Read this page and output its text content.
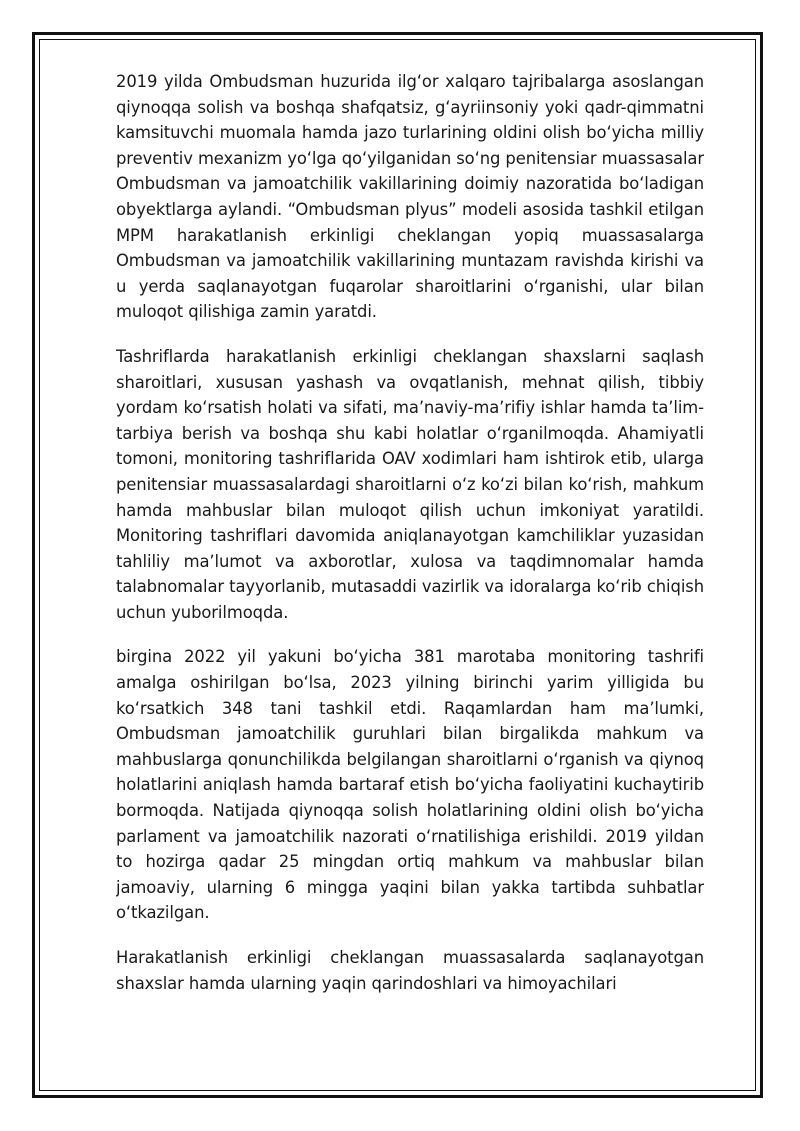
2019 yilda Ombudsman huzurida ilgʻor xalqaro tajribalarga asoslangan qiynoqqa solish va boshqa shafqatsiz, gʻayriinsoniy yoki qadr-qimmatni kamsituvchi muomala hamda jazo turlarining oldini olish boʻyicha milliy preventiv mexanizm yoʻlga qoʻyilganidan soʻng penitensiar muassasalar Ombudsman va jamoatchilik vakillarining doimiy nazoratida boʻladigan obyektlarga aylandi. “Ombudsman plyus” modeli asosida tashkil etilgan MPM harakatlanish erkinligi cheklangan yopiq muassasalarga Ombudsman va jamoatchilik vakillarining muntazam ravishda kirishi va u yerda saqlanayotgan fuqarolar sharoitlarini oʻrganishi, ular bilan muloqot qilishiga zamin yaratdi.

Tashriflarda harakatlanish erkinligi cheklangan shaxslarni saqlash sharoitlari, xususan yashash va ovqatlanish, mehnat qilish, tibbiy yordam koʻrsatish holati va sifati, maʼnaviy-maʼrifiy ishlar hamda taʼlim-tarbiya berish va boshqa shu kabi holatlar oʻrganilmoqda. Ahamiyatli tomoni, monitoring tashriflarida OAV xodimlari ham ishtirok etib, ularga penitensiar muassasalardagi sharoitlarni oʻz koʻzi bilan koʻrish, mahkum hamda mahbuslar bilan muloqot qilish uchun imkoniyat yaratildi. Monitoring tashriflari davomida aniqlanayotgan kamchiliklar yuzasidan tahliliy maʼlumot va axborotlar, xulosa va taqdimnomalar hamda talabnomalar tayyorlanib, mutasaddi vazirlik va idoralarga koʻrib chiqish uchun yuborilmoqda.

birgina 2022 yil yakuni boʻyicha 381 marotaba monitoring tashrifi amalga oshirilgan boʻlsa, 2023 yilning birinchi yarim yilligida bu koʻrsatkich 348 tani tashkil etdi. Raqamlardan ham maʼlumki, Ombudsman jamoatchilik guruhlari bilan birgalikda mahkum va mahbuslarga qonunchilikda belgilangan sharoitlarni oʻrganish va qiynoq holatlarini aniqlash hamda bartaraf etish boʻyicha faoliyatini kuchaytirib bormoqda. Natijada qiynoqqa solish holatlarining oldini olish boʻyicha parlament va jamoatchilik nazorati oʻrnatilishiga erishildi. 2019 yildan to hozirga qadar 25 mingdan ortiq mahkum va mahbuslar bilan jamoaviy, ularning 6 mingga yaqini bilan yakka tartibda suhbatlar oʻtkazilgan.

Harakatlanish erkinligi cheklangan muassasalarda saqlanayotgan shaxslar hamda ularning yaqin qarindoshlari va himoyachilari
